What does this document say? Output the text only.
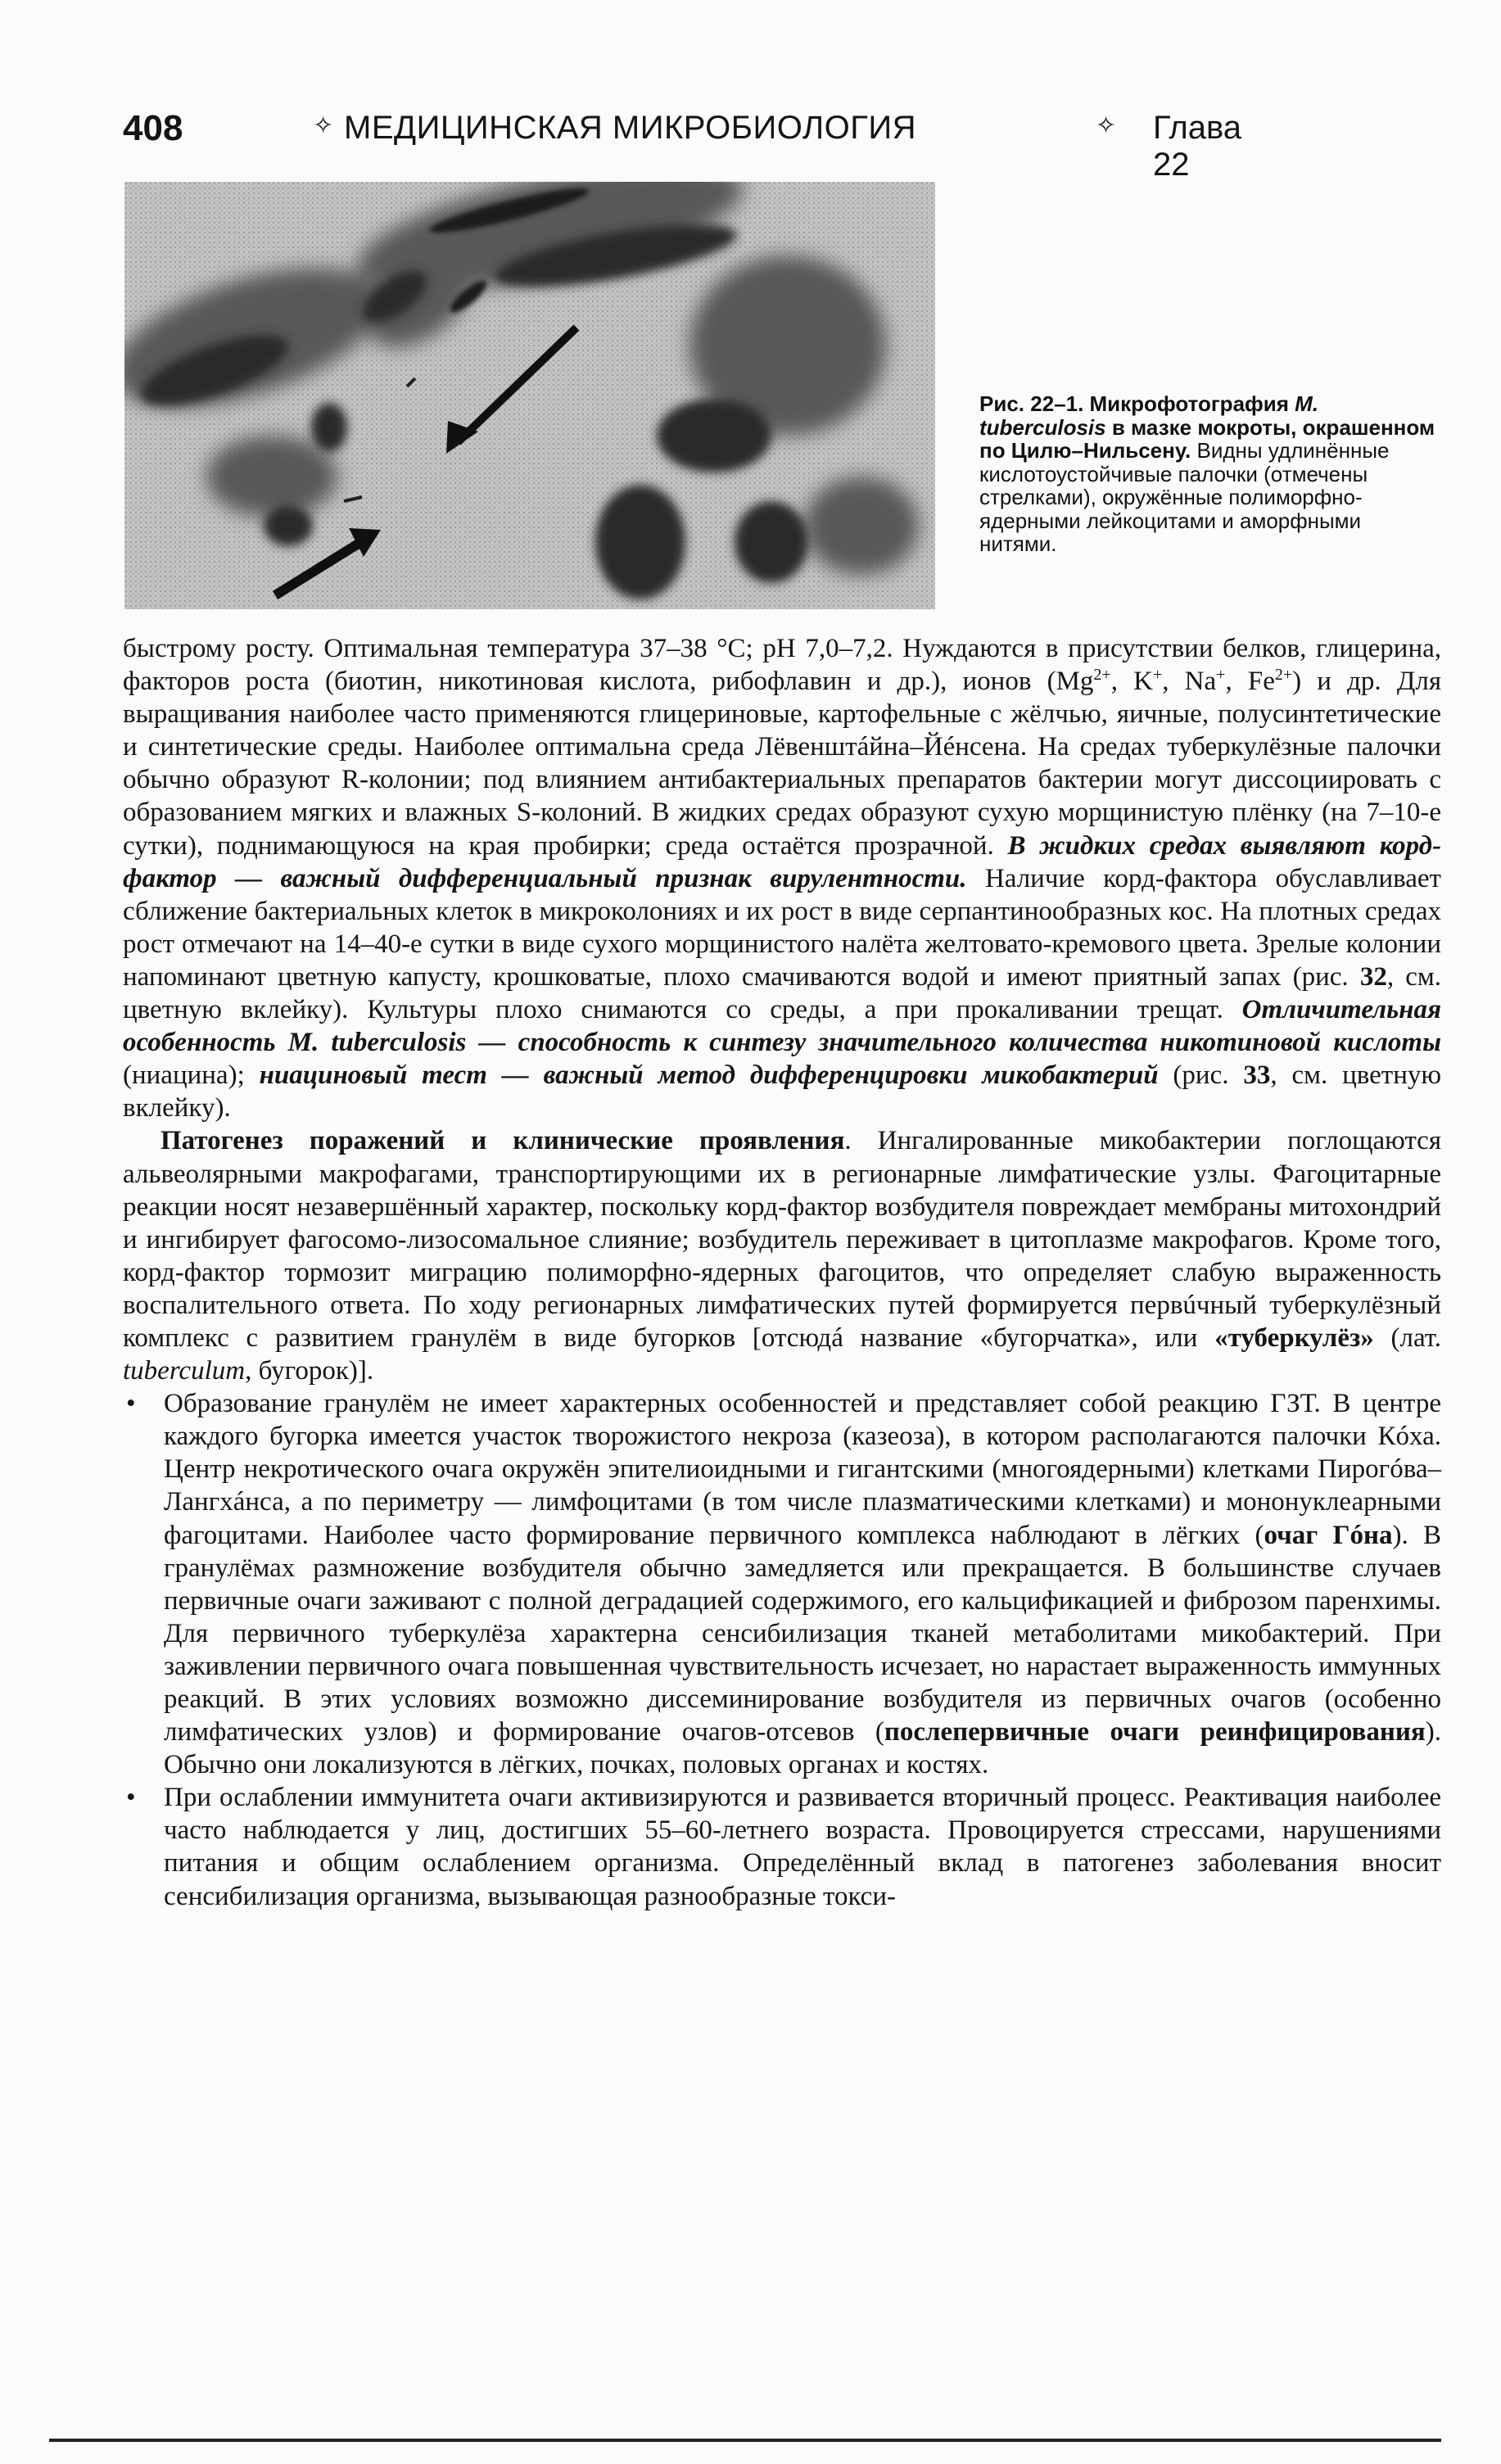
408	✧ МЕДИЦИНСКАЯ МИКРОБИОЛОГИЯ	✧ Глава 22
Рис. 22–1. Микрофотография M. tuberculosis в мазке мокроты, окрашенном по Цилю–Нильсену. Видны удлинённые кислотоустойчивые палочки (отмечены стрелками), окружённые полиморфно-ядерными лейкоцитами и аморфными нитями.

быстрому росту. Оптимальная температура 37–38 °С; pH 7,0–7,2. Нуждаются в присутствии белков, глицерина, факторов роста (биотин, никотиновая кислота, рибофлавин и др.), ионов ($Mg^{2+}$, K+, Na+, $Fe^{2+}$) и др. Для выращивания наиболее часто применяются глицериновые, картофельные с жёлчью, яичные, полусинтетические и синтетические среды. Наиболее оптимальна среда Лёвенштáйна–Йéнсена. На средах туберкулёзные палочки обычно образуют R-колонии; под влиянием антибактериальных препаратов бактерии могут диссоциировать с образованием мягких и влажных S-колоний. В жидких средах образуют сухую морщинистую плёнку (на 7–10-е сутки), поднимающуюся на края пробирки; среда остаётся прозрачной. В жидких средах выявляют корд-фактор — важный дифференциальный признак вирулентности. Наличие корд-фактора обуславливает сближение бактериальных клеток в микроколониях и их рост в виде серпантинообразных кос. На плотных средах рост отмечают на 14–40-е сутки в виде сухого морщинистого налёта желтовато-кремового цвета. Зрелые колонии напоминают цветную капусту, крошковатые, плохо смачиваются водой и имеют приятный запах (рис. 32, см. цветную вклейку). Культуры плохо снимаются со среды, а при прокаливании трещат. Отличительная особенность M. tuberculosis — способность к синтезу значительного количества никотиновой кислоты (ниацина); ниациновый тест — важный метод дифференцировки микобактерий (рис. 33, см. цветную вклейку).

Патогенез поражений и клинические проявления. Ингалированные микобактерии поглощаются альвеолярными макрофагами, транспортирующими их в регионарные лимфатические узлы. Фагоцитарные реакции носят незавершённый характер, поскольку корд-фактор возбудителя повреждает мембраны митохондрий и ингибирует фагосомо-лизосомальное слияние; возбудитель переживает в цитоплазме макрофагов. Кроме того, корд-фактор тормозит миграцию полиморфно-ядерных фагоцитов, что определяет слабую выраженность воспалительного ответа. По ходу регионарных лимфатических путей формируется первúчный туберкулёзный комплекс с развитием гранулём в виде бугорков [отсюдá название «бугорчатка», или «туберкулёз» (лат. tuberculum, бугорок)].

• Образование гранулём не имеет характерных особенностей и представляет собой реакцию ГЗТ. В центре каждого бугорка имеется участок творожистого некроза (казеоза), в котором располагаются палочки Кóха. Центр некротического очага окружён эпителиоидными и гигантскими (многоядерными) клетками Пирогóва–Лангхáнса, а по периметру — лимфоцитами (в том числе плазматическими клетками) и мононуклеарными фагоцитами. Наиболее часто формирование первичного комплекса наблюдают в лёгких (очаг Гóна). В гранулёмах размножение возбудителя обычно замедляется или прекращается. В большинстве случаев первичные очаги заживают с полной деградацией содержимого, его кальцификацией и фиброзом паренхимы. Для первичного туберкулёза характерна сенсибилизация тканей метаболитами микобактерий. При заживлении первичного очага повышенная чувствительность исчезает, но нарастает выраженность иммунных реакций. В этих условиях возможно диссеминирование возбудителя из первичных очагов (особенно лимфатических узлов) и формирование очагов-отсевов (послепервичные очаги реинфицирования). Обычно они локализуются в лёгких, почках, половых органах и костях.
• При ослаблении иммунитета очаги активизируются и развивается вторичный процесс. Реактивация наиболее часто наблюдается у лиц, достигших 55–60-летнего возраста. Провоцируется стрессами, нарушениями питания и общим ослаблением организма. Определённый вклад в патогенез заболевания вносит сенсибилизация организма, вызывающая разнообразные токси-
